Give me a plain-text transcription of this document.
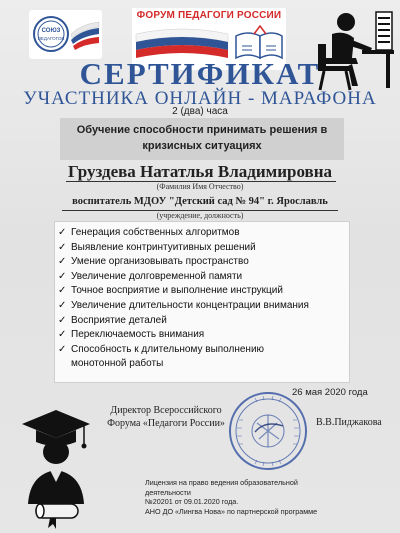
СОЮЗ
ПЕДАГОГОВ
ФОРУМ ПЕДАГОГИ РОССИИ
СЕРТИФИКАТ
УЧАСТНИКА ОНЛАЙН - МАРАФОНА
2 (два) часа
Обучение способности принимать решения в
кризисных ситуациях
Груздева Нататлья Владимировна
(Фамилия Имя Отчество)
воспитатель МДОУ "Детский сад № 94" г. Ярославль
(учреждение, должность)
✓ Генерация собственных алгоритмов
✓ Выявление контринтуитивных решений
✓ Умение организовывать пространство
✓ Увеличение долговременной памяти
✓ Точное восприятие и выполнение инструкций
✓ Увеличение длительности концентрации внимания
✓ Восприятие деталей
✓ Переключаемость внимания
✓ Способность к длительному выполнению
монотонной работы
26 мая 2020 года
Директор Всероссийского
Форума «Педагоги России»	В.В.Пиджакова
Лицензия на право ведения образовательной
деятельности
№20201 от 09.01.2020 года.
АНО ДО «Лингва Нова» по партнерской программе
